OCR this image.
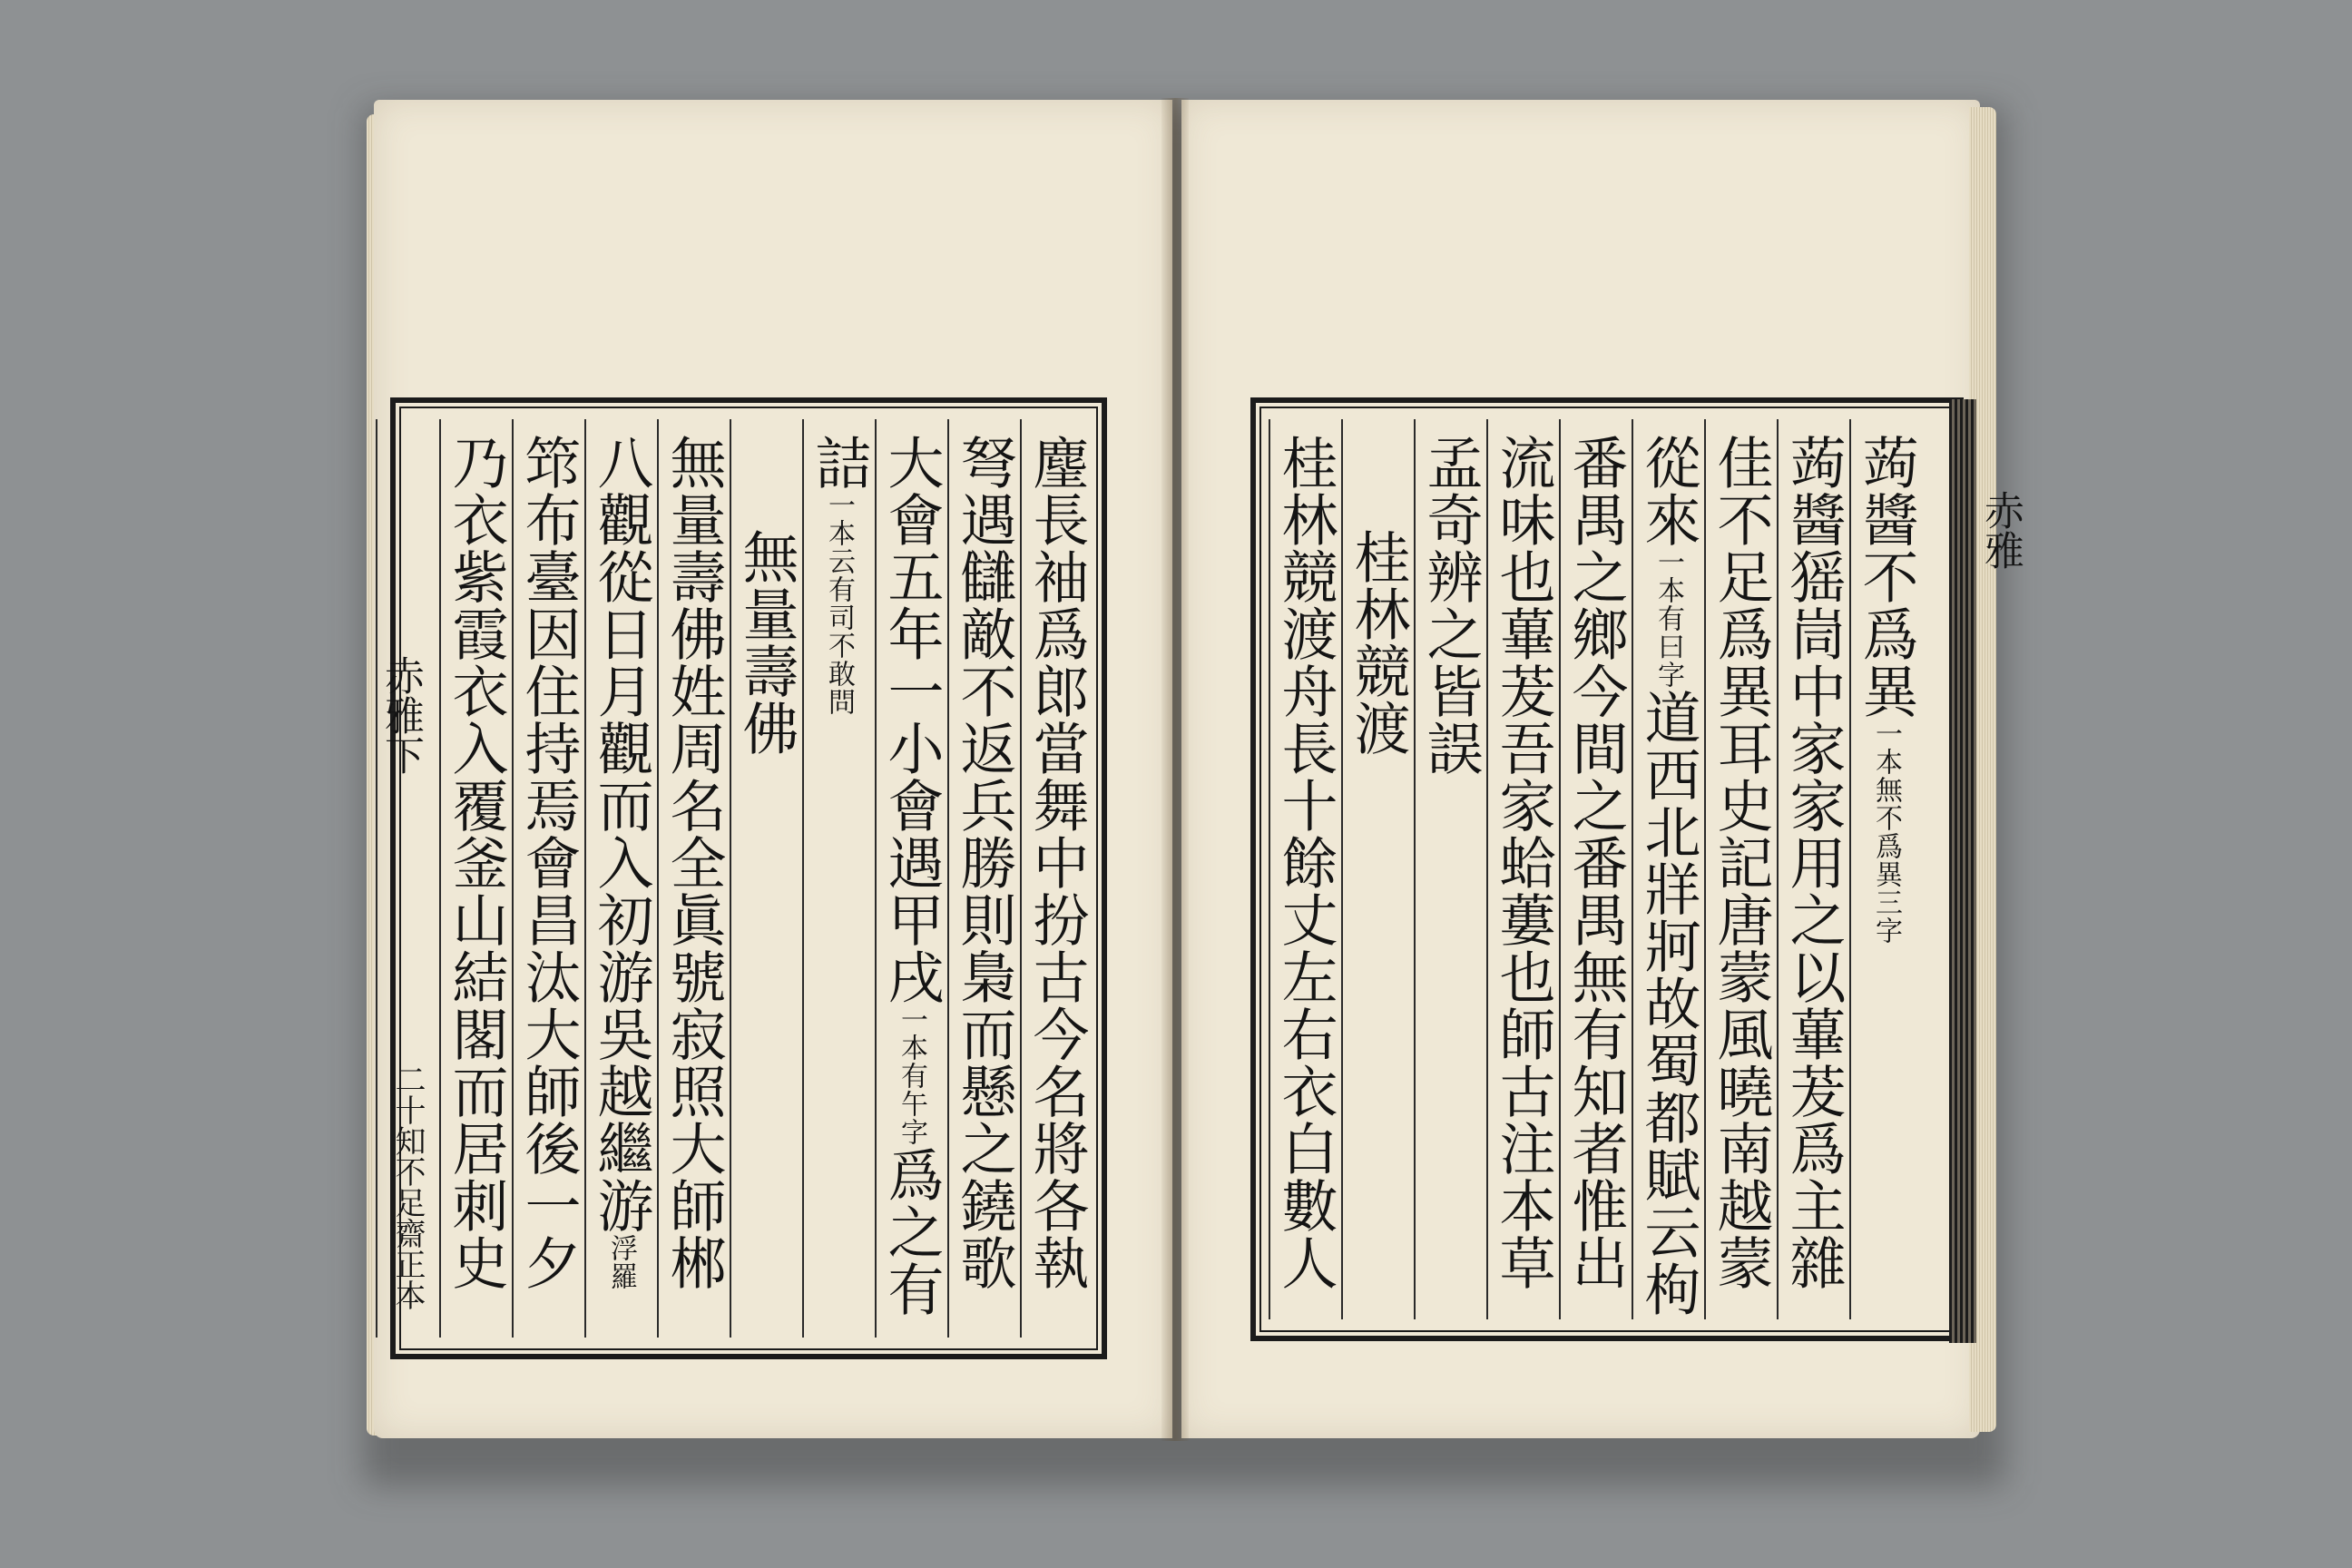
麈長袖爲郎當舞中扮古今名將各執
弩遇讎敵不返兵勝則梟而懸之鐃歌
大會五年一小會遇甲戌一本有午字爲之有
詰一本云有司不敢問
無量壽佛
無量壽佛姓周名全眞號寂照大師郴
八觀從日月觀而入初游吳越繼游浮羅
筇布臺因住持焉會昌汰大師後一夕
乃衣紫霞衣入覆釜山結閣而居刺史
赤雅下
二十知不足齋正本
蒟醬不爲異一本無不爲異三字
蒟醬猺峝中家家用之以蓽茇爲主雜
佳不足爲異耳史記唐蒙風曉南越蒙
從來一本有曰字道西北牂牁故蜀都賦云枸
番禺之鄉今間之番禺無有知者惟出
流味也蓽茇吾家蛤蔞也師古注本草
孟奇辨之皆誤
桂林競渡
桂林競渡舟長十餘丈左右衣白數人
赤雅
